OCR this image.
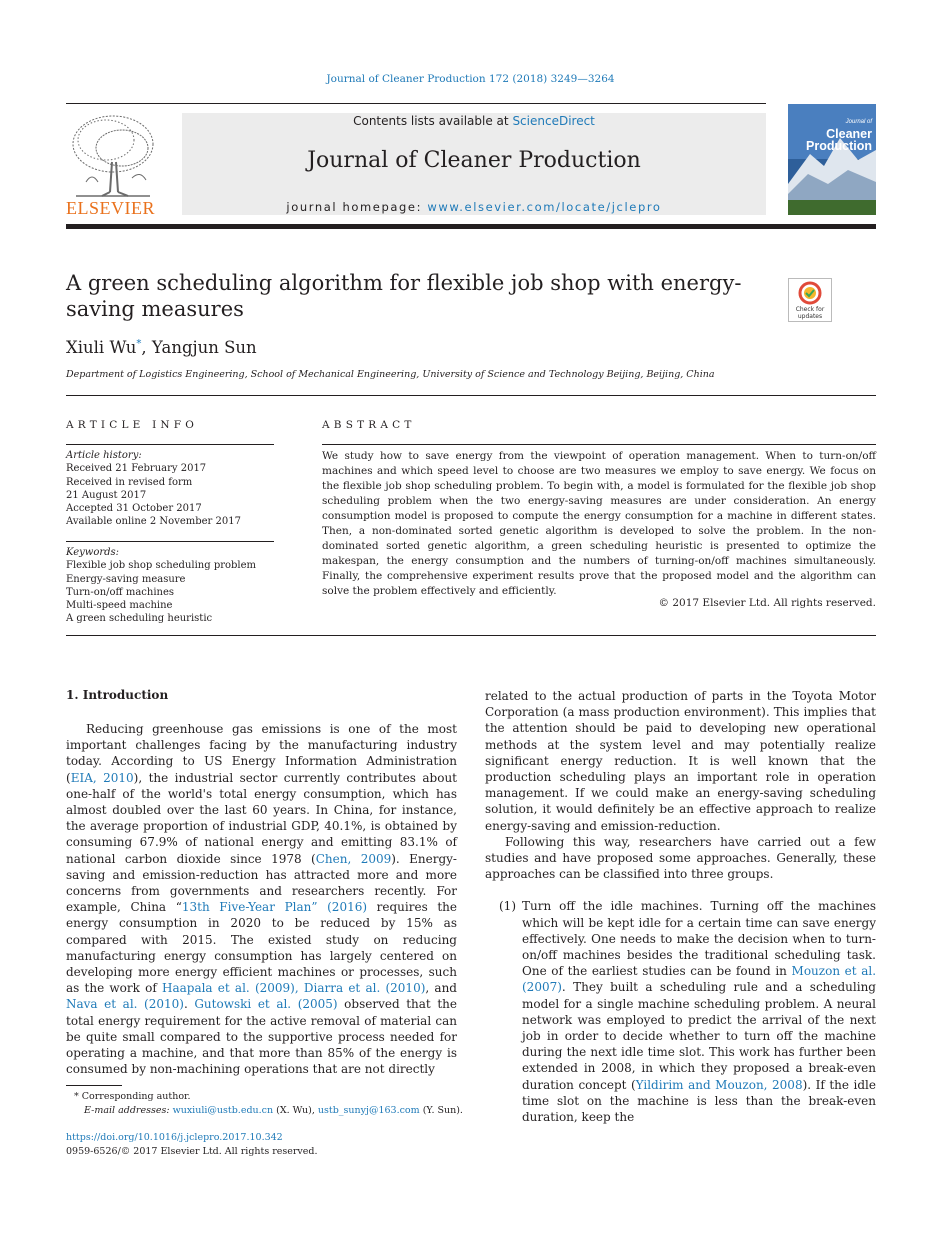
Journal of Cleaner Production 172 (2018) 3249—3264
ELSEVIER
Contents lists available at ScienceDirect
Journal of Cleaner Production
journal homepage: www.elsevier.com/locate/jclepro
Journal of
Cleaner
Production
A green scheduling algorithm for flexible job shop with energy-saving measures	Check for updates
Xiuli Wu*, Yangjun Sun
Department of Logistics Engineering, School of Mechanical Engineering, University of Science and Technology Beijing, Beijing, China
ARTICLE INFO
Article history:
Received 21 February 2017
Received in revised form
21 August 2017
Accepted 31 October 2017
Available online 2 November 2017
Keywords:
Flexible job shop scheduling problem
Energy-saving measure
Turn-on/off machines
Multi-speed machine
A green scheduling heuristic
ABSTRACT
We study how to save energy from the viewpoint of operation management. When to turn-on/off machines and which speed level to choose are two measures we employ to save energy. We focus on the flexible job shop scheduling problem. To begin with, a model is formulated for the flexible job shop scheduling problem when the two energy-saving measures are under consideration. An energy consumption model is proposed to compute the energy consumption for a machine in different states. Then, a non-dominated sorted genetic algorithm is developed to solve the problem. In the non-dominated sorted genetic algorithm, a green scheduling heuristic is presented to optimize the makespan, the energy consumption and the numbers of turning-on/off machines simultaneously. Finally, the comprehensive experiment results prove that the proposed model and the algorithm can solve the problem effectively and efficiently.
© 2017 Elsevier Ltd. All rights reserved.
1. Introduction

Reducing greenhouse gas emissions is one of the most important challenges facing by the manufacturing industry today. According to US Energy Information Administration (EIA, 2010), the industrial sector currently contributes about one-half of the world's total energy consumption, which has almost doubled over the last 60 years. In China, for instance, the average proportion of industrial GDP, 40.1%, is obtained by consuming 67.9% of national energy and emitting 83.1% of national carbon dioxide since 1978 (Chen, 2009). Energy-saving and emission-reduction has attracted more and more concerns from governments and researchers recently. For example, China “13th Five-Year Plan” (2016) requires the energy consumption in 2020 to be reduced by 15% as compared with 2015. The existed study on reducing manufacturing energy consumption has largely centered on developing more energy efficient machines or processes, such as the work of Haapala et al. (2009), Diarra et al. (2010), and Nava et al. (2010). Gutowski et al. (2005) observed that the total energy requirement for the active removal of material can be quite small compared to the supportive process needed for operating a machine, and that more than 85% of the energy is consumed by non-machining operations that are not directly

related to the actual production of parts in the Toyota Motor Corporation (a mass production environment). This implies that the attention should be paid to developing new operational methods at the system level and may potentially realize significant energy reduction. It is well known that the production scheduling plays an important role in operation management. If we could make an energy-saving scheduling solution, it would definitely be an effective approach to realize energy-saving and emission-reduction.

Following this way, researchers have carried out a few studies and have proposed some approaches. Generally, these approaches can be classified into three groups.

(1) Turn off the idle machines. Turning off the machines which will be kept idle for a certain time can save energy effectively. One needs to make the decision when to turn-on/off machines besides the traditional scheduling task. One of the earliest studies can be found in Mouzon et al. (2007). They built a scheduling rule and a scheduling model for a single machine scheduling problem. A neural network was employed to predict the arrival of the next job in order to decide whether to turn off the machine during the next idle time slot. This work has further been extended in 2008, in which they proposed a break-even duration concept (Yildirim and Mouzon, 2008). If the idle time slot on the machine is less than the break-even duration, keep the

* Corresponding author.
E-mail addresses: wuxiuli@ustb.edu.cn (X. Wu), ustb_sunyj@163.com (Y. Sun).
https://doi.org/10.1016/j.jclepro.2017.10.342
0959-6526/© 2017 Elsevier Ltd. All rights reserved.
